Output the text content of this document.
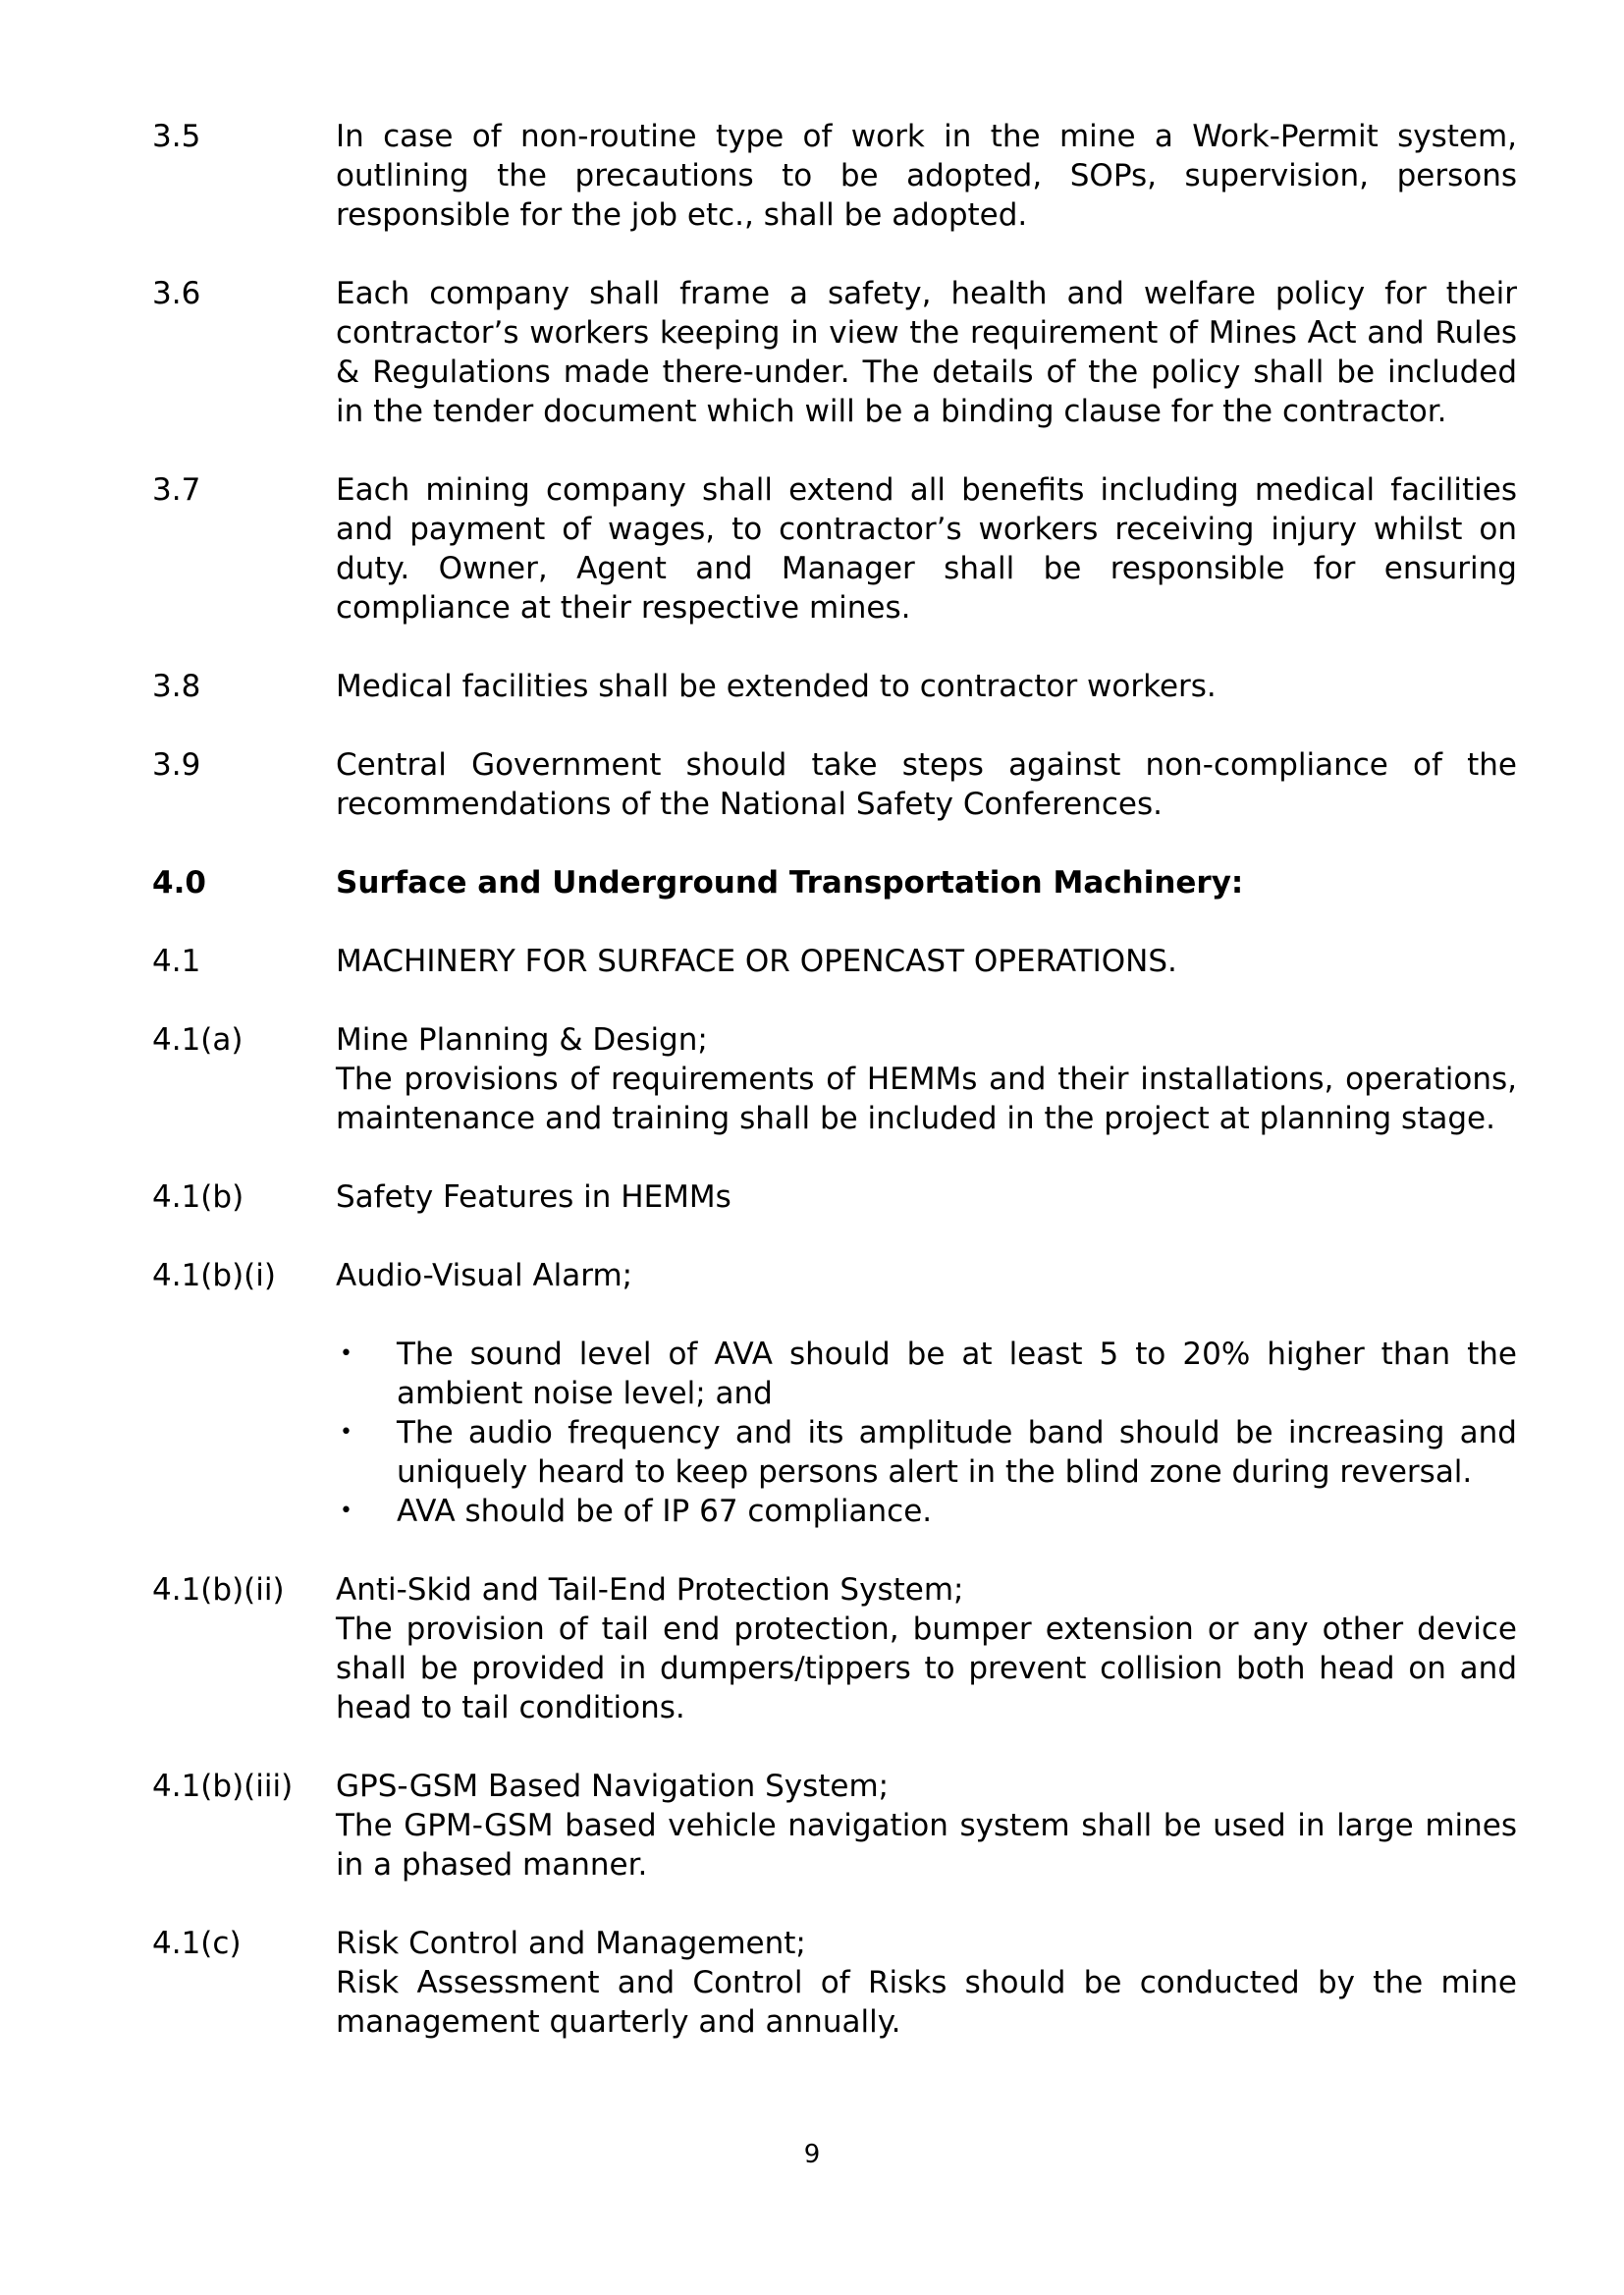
3.5	In case of non-routine type of work in the mine a Work-Permit system, outlining the precautions to be adopted, SOPs, supervision, persons responsible for the job etc., shall be adopted.
3.6	Each company shall frame a safety, health and welfare policy for their contractor’s workers keeping in view the requirement of Mines Act and Rules & Regulations made there-under. The details of the policy shall be included in the tender document which will be a binding clause for the contractor.
3.7	Each mining company shall extend all benefits including medical facilities and payment of wages, to contractor’s workers receiving injury whilst on duty. Owner, Agent and Manager shall be responsible for ensuring compliance at their respective mines.
3.8	Medical facilities shall be extended to contractor workers.
3.9	Central Government should take steps against non-compliance of the recommendations of the National Safety Conferences.
4.0	Surface and Underground Transportation Machinery:
4.1	MACHINERY FOR SURFACE OR OPENCAST OPERATIONS.
4.1(a)	Mine Planning & Design;

The provisions of requirements of HEMMs and their installations, operations, maintenance and training shall be included in the project at planning stage.

4.1(b)	Safety Features in HEMMs
4.1(b)(i)	Audio-Visual Alarm;
•	The sound level of AVA should be at least 5 to 20% higher than the ambient noise level; and
•	The audio frequency and its amplitude band should be increasing and uniquely heard to keep persons alert in the blind zone during reversal.
•	AVA should be of IP 67 compliance.
4.1(b)(ii)	Anti-Skid and Tail-End Protection System;

The provision of tail end protection, bumper extension or any other device shall be provided in dumpers/tippers to prevent collision both head on and head to tail conditions.

4.1(b)(iii)	GPS-GSM Based Navigation System;

The GPM-GSM based vehicle navigation system shall be used in large mines in a phased manner.

4.1(c)	Risk Control and Management;

Risk Assessment and Control of Risks should be conducted by the mine management quarterly and annually.

9
